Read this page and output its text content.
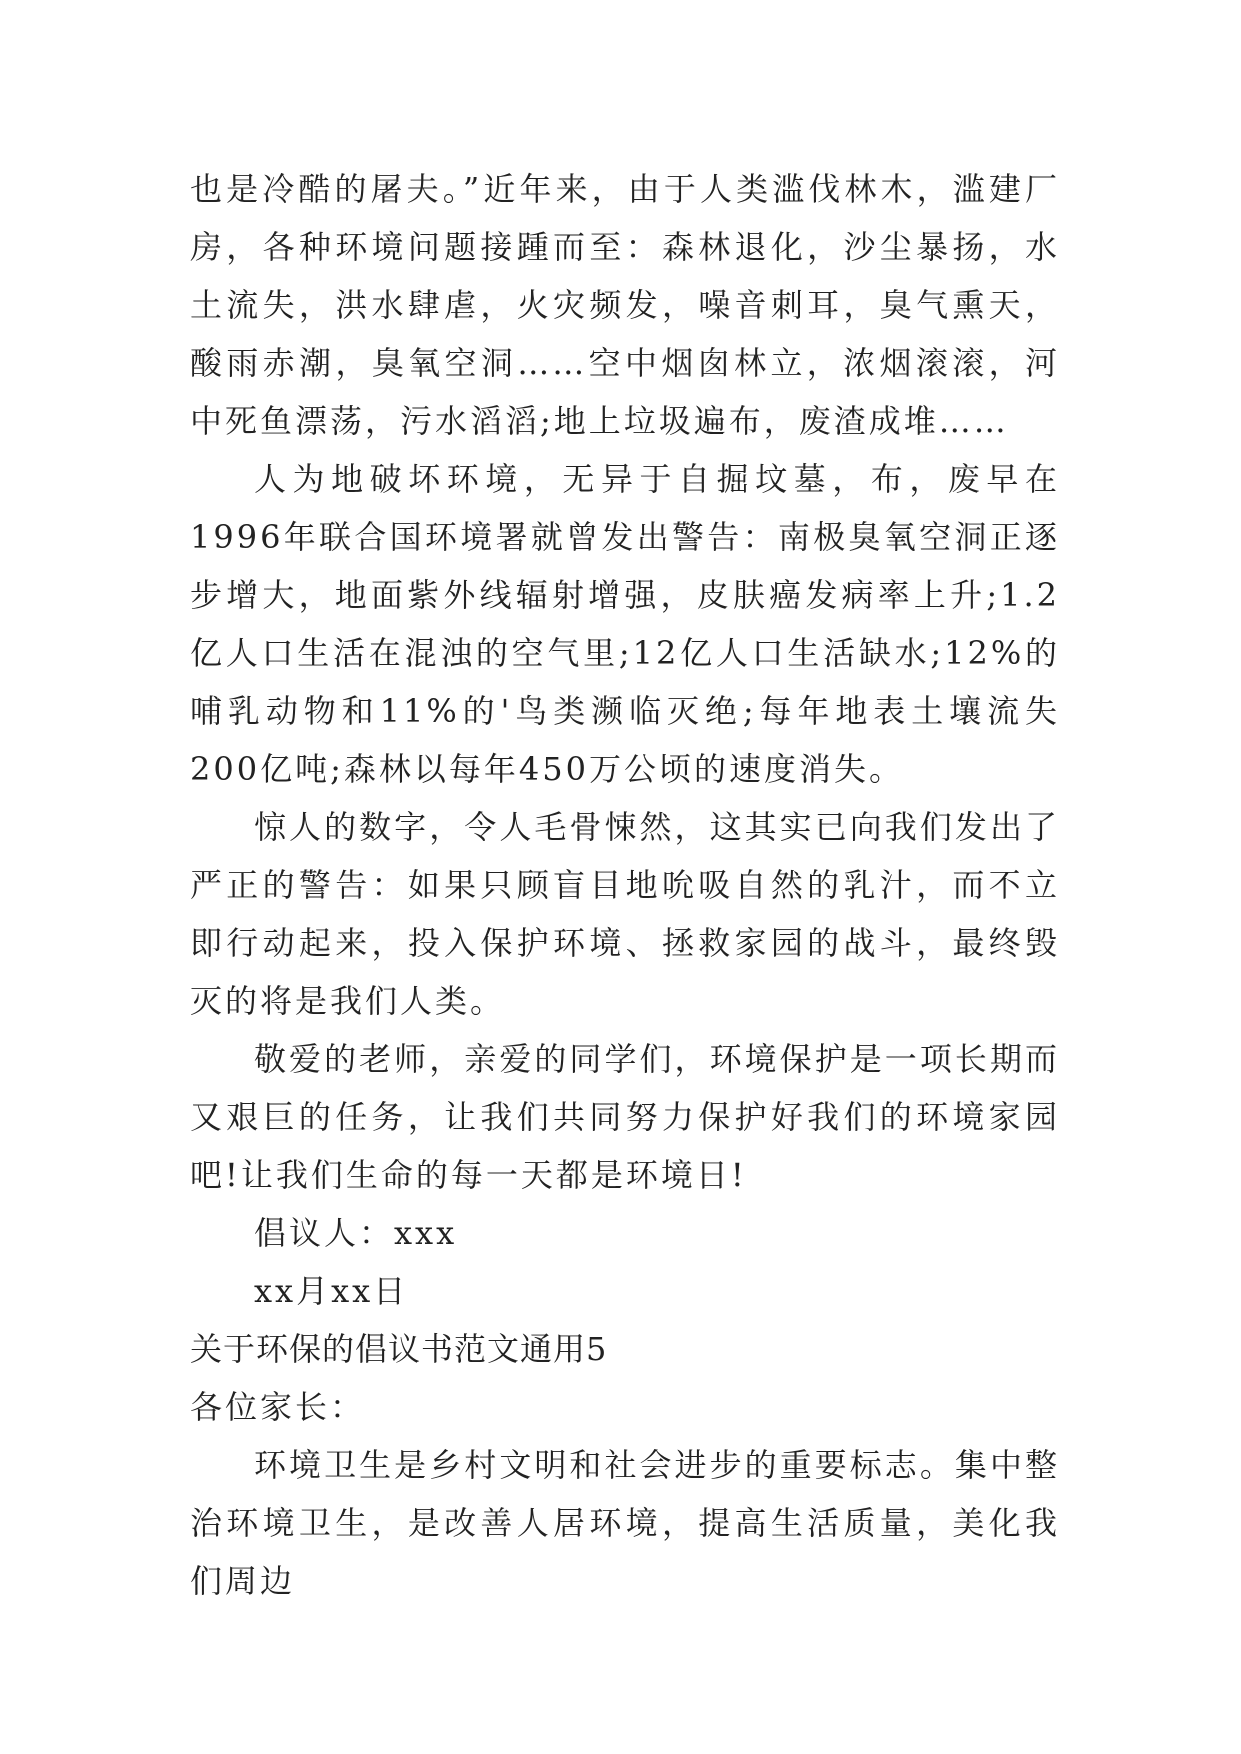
也是冷酷的屠夫。”近年来，由于人类滥伐林木，滥建厂房，各种环境问题接踵而至：森林退化，沙尘暴扬，水土流失，洪水肆虐，火灾频发，噪音刺耳，臭气熏天，酸雨赤潮，臭氧空洞……空中烟囱林立，浓烟滚滚，河中死鱼漂荡，污水滔滔;地上垃圾遍布，废渣成堆……

人为地破坏环境，无异于自掘坟墓，布，废早在1996年联合国环境署就曾发出警告：南极臭氧空洞正逐步增大，地面紫外线辐射增强，皮肤癌发病率上升;1.2亿人口生活在混浊的空气里;12亿人口生活缺水;12%的哺乳动物和11%的'鸟类濒临灭绝;每年地表土壤流失200亿吨;森林以每年450万公顷的速度消失。

惊人的数字，令人毛骨悚然，这其实已向我们发出了严正的警告：如果只顾盲目地吮吸自然的乳汁，而不立即行动起来，投入保护环境、拯救家园的战斗，最终毁灭的将是我们人类。

敬爱的老师，亲爱的同学们，环境保护是一项长期而又艰巨的任务，让我们共同努力保护好我们的环境家园吧!让我们生命的每一天都是环境日!

倡议人：xxx

xx月xx日

关于环保的倡议书范文通用5

各位家长：

环境卫生是乡村文明和社会进步的重要标志。集中整治环境卫生，是改善人居环境，提高生活质量，美化我们周边
